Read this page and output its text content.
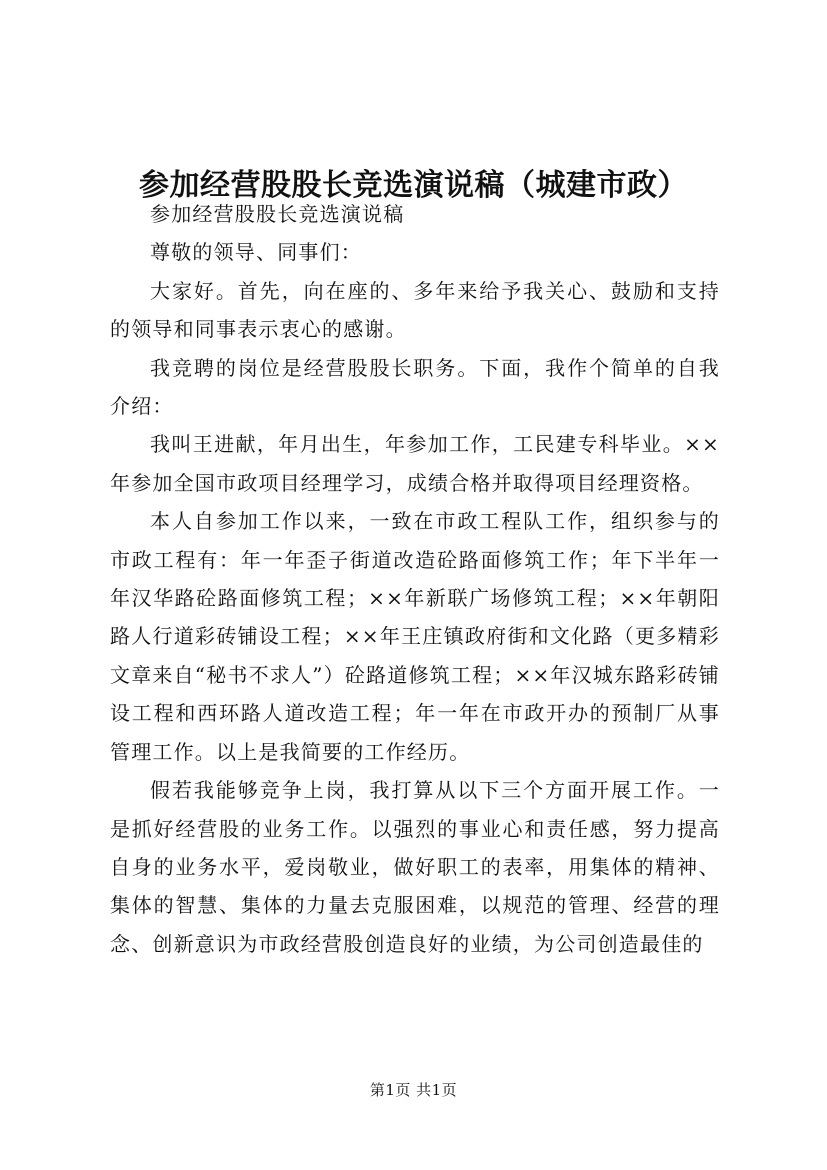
参加经营股股长竞选演说稿（城建市政）

参加经营股股长竞选演说稿

尊敬的领导、同事们：

大家好。首先，向在座的、多年来给予我关心、鼓励和支持的领导和同事表示衷心的感谢。

我竞聘的岗位是经营股股长职务。下面，我作个简单的自我介绍：

我叫王进献，年月出生，年参加工作，工民建专科毕业。××年参加全国市政项目经理学习，成绩合格并取得项目经理资格。

本人自参加工作以来，一致在市政工程队工作，组织参与的市政工程有：年一年歪子街道改造砼路面修筑工作；年下半年一年汉华路砼路面修筑工程；××年新联广场修筑工程；××年朝阳路人行道彩砖铺设工程；××年王庄镇政府街和文化路（更多精彩文章来自“秘书不求人”）砼路道修筑工程；××年汉城东路彩砖铺设工程和西环路人道改造工程；年一年在市政开办的预制厂从事管理工作。以上是我简要的工作经历。

假若我能够竞争上岗，我打算从以下三个方面开展工作。一是抓好经营股的业务工作。以强烈的事业心和责任感，努力提高自身的业务水平，爱岗敬业，做好职工的表率，用集体的精神、集体的智慧、集体的力量去克服困难，以规范的管理、经营的理念、创新意识为市政经营股创造良好的业绩，为公司创造最佳的

第1页 共1页
